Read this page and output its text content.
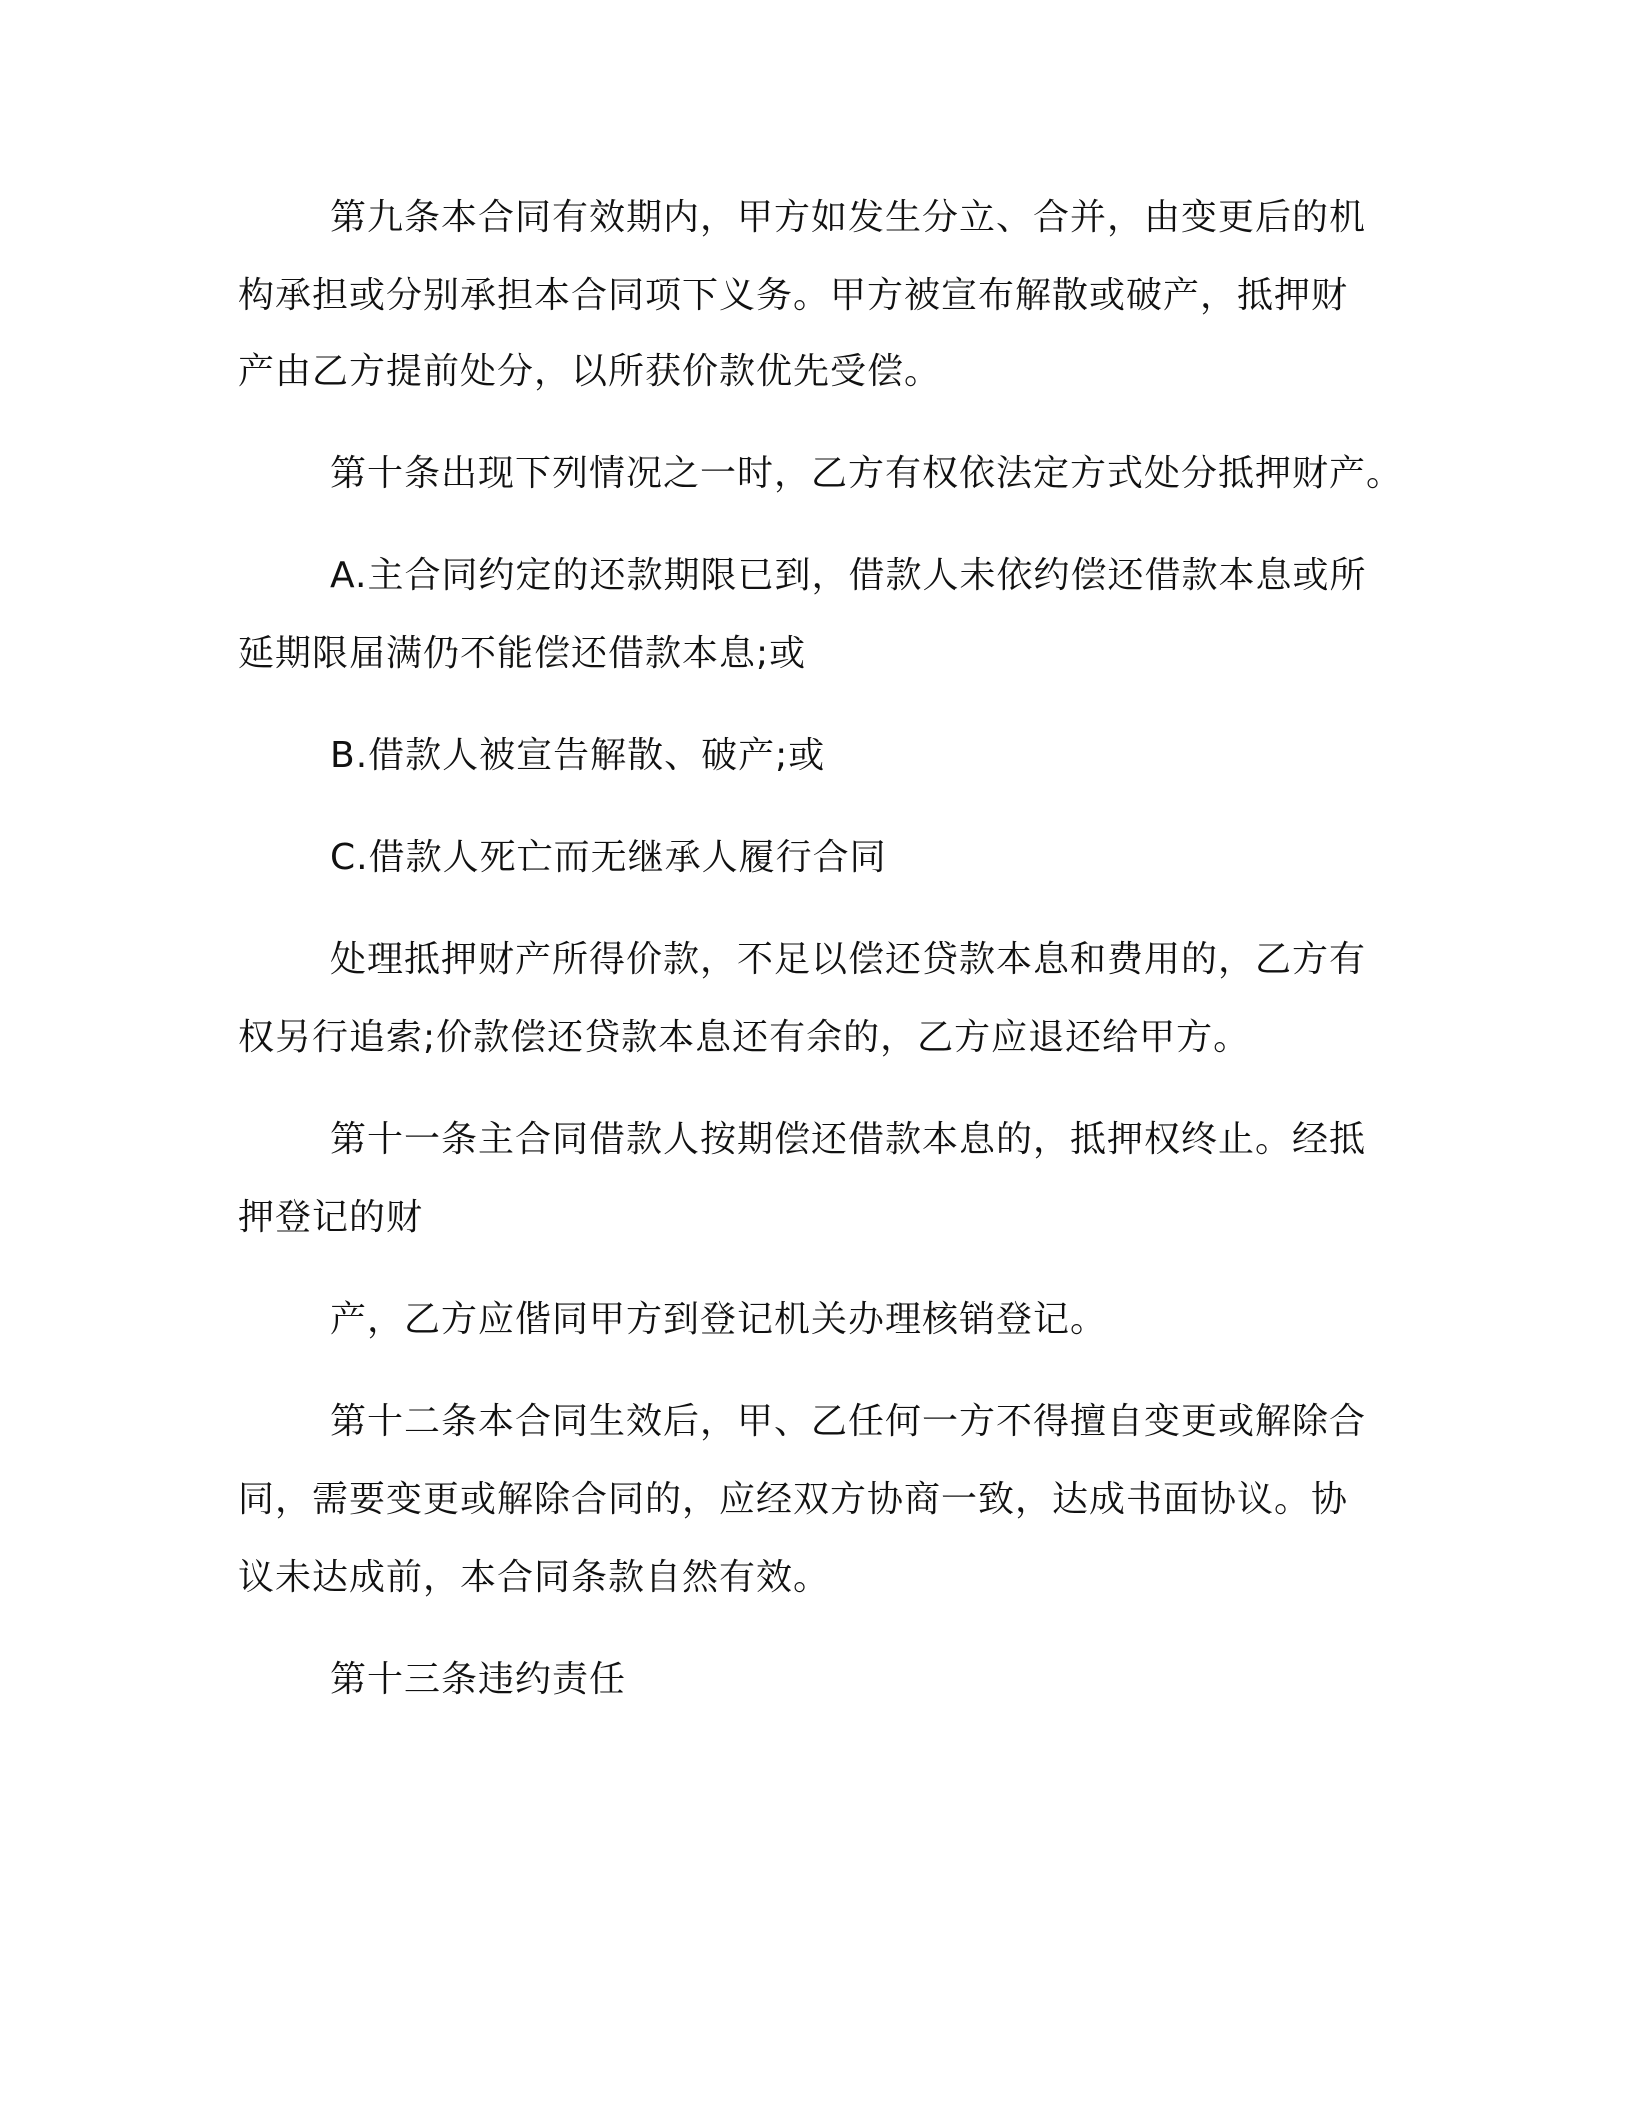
第九条本合同有效期内，甲方如发生分立、合并，由变更后的机

构承担或分别承担本合同项下义务。甲方被宣布解散或破产，抵押财

产由乙方提前处分，以所获价款优先受偿。

第十条出现下列情况之一时，乙方有权依法定方式处分抵押财产。

A.主合同约定的还款期限已到，借款人未依约偿还借款本息或所

延期限届满仍不能偿还借款本息;或

B.借款人被宣告解散、破产;或

C.借款人死亡而无继承人履行合同

处理抵押财产所得价款，不足以偿还贷款本息和费用的，乙方有

权另行追索;价款偿还贷款本息还有余的，乙方应退还给甲方。

第十一条主合同借款人按期偿还借款本息的，抵押权终止。经抵

押登记的财

产，乙方应偕同甲方到登记机关办理核销登记。

第十二条本合同生效后，甲、乙任何一方不得擅自变更或解除合

同，需要变更或解除合同的，应经双方协商一致，达成书面协议。协

议未达成前，本合同条款自然有效。

第十三条违约责任
